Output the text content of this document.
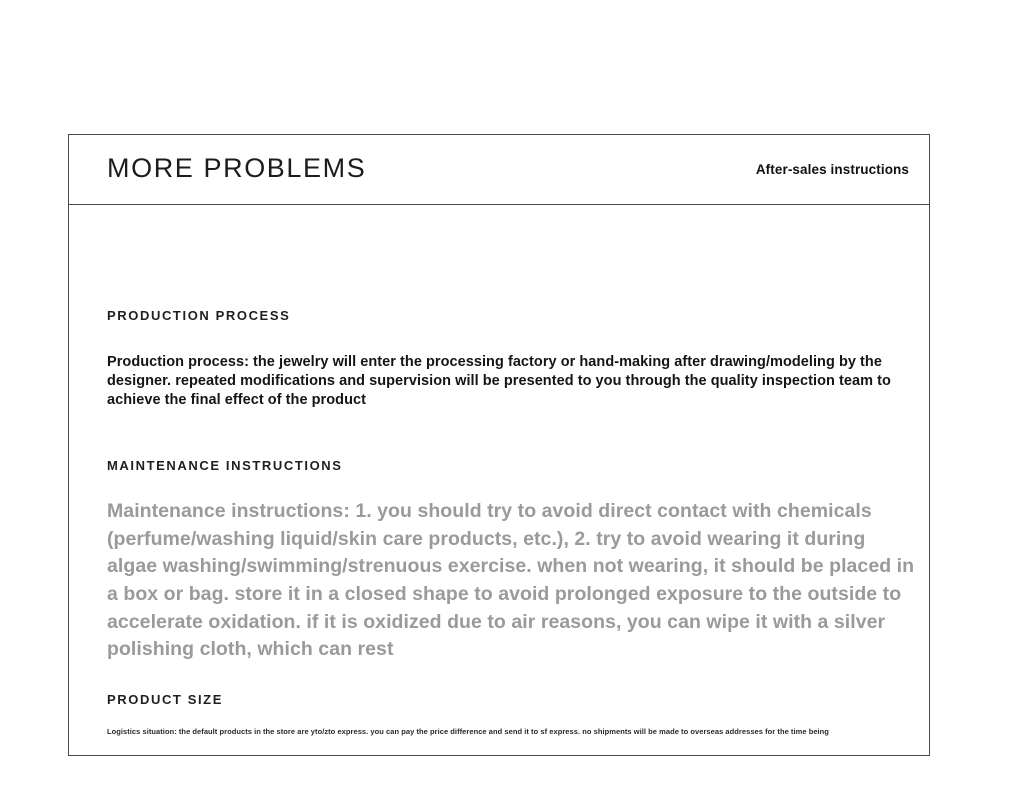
MORE PROBLEMS	After-sales instructions
PRODUCTION PROCESS
Production process: the jewelry will enter the processing factory or hand-making after drawing/modeling by the designer. repeated modifications and supervision will be presented to you through the quality inspection team to achieve the final effect of the product
MAINTENANCE INSTRUCTIONS
Maintenance instructions: 1. you should try to avoid direct contact with chemicals (perfume/washing liquid/skin care products, etc.), 2. try to avoid wearing it during algae washing/swimming/strenuous exercise. when not wearing, it should be placed in a box or bag. store it in a closed shape to avoid prolonged exposure to the outside to accelerate oxidation. if it is oxidized due to air reasons, you can wipe it with a silver polishing cloth, which can rest
PRODUCT SIZE
Logistics situation: the default products in the store are yto/zto express. you can pay the price difference and send it to sf express. no shipments will be made to overseas addresses for the time being
